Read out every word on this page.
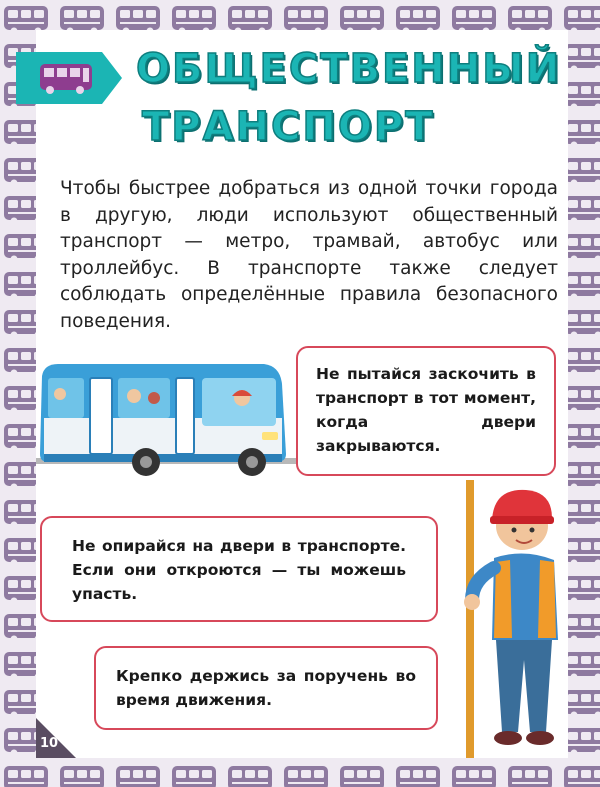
ОБЩЕСТВЕННЫЙ
ТРАНСПОРТ
Чтобы быстрее добраться из одной точки города в другую, люди используют общественный транспорт — метро, трамвай, автобус или троллейбус. В транспорте также следует соблюдать определённые правила безопасного поведения.
Не пытайся заскочить в транспорт в тот момент, когда двери закрываются.
Не опирайся на двери в транспорте. Если они откроются — ты можешь упасть.
Крепко держись за поручень во время движения.
10
